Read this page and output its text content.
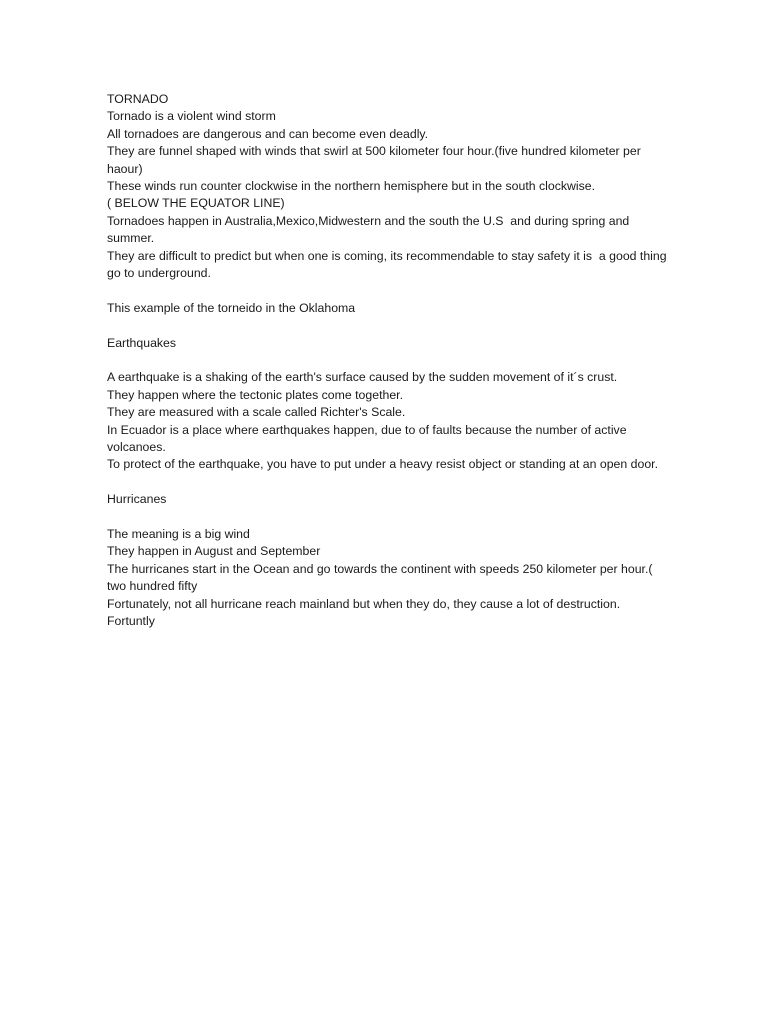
TORNADO
Tornado is a violent wind storm
All tornadoes are dangerous and can become even deadly.
They are funnel shaped with winds that swirl at 500 kilometer four hour.(five hundred kilometer per haour)
These winds run counter clockwise in the northern hemisphere but in the south clockwise.
( BELOW THE EQUATOR LINE)
Tornadoes happen in Australia,Mexico,Midwestern and the south the U.S  and during spring and summer.
They are difficult to predict but when one is coming, its recommendable to stay safety it is  a good thing  go to underground.
This example of the torneido in the Oklahoma
Earthquakes
A earthquake is a shaking of the earth's surface caused by the sudden movement of it´s crust.
They happen where the tectonic plates come together.
They are measured with a scale called Richter's Scale.
In Ecuador is a place where earthquakes happen, due to of faults because the number of active volcanoes.
To protect of the earthquake, you have to put under a heavy resist object or standing at an open door.
Hurricanes
The meaning is a big wind
They happen in August and September
The hurricanes start in the Ocean and go towards the continent with speeds 250 kilometer per hour.( two hundred fifty
Fortunately, not all hurricane reach mainland but when they do, they cause a lot of destruction.
Fortuntly
